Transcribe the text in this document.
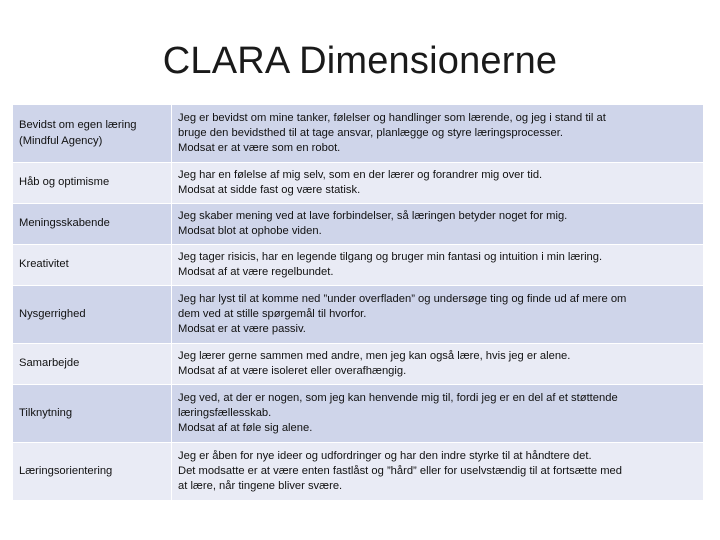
CLARA Dimensionerne
Bevidst om egen læring (Mindful Agency)	Jeg er bevidst om mine tanker, følelser og handlinger som lærende, og jeg i stand til at
bruge den bevidsthed til at tage ansvar, planlægge og styre læringsprocesser.
Modsat er at være som en robot.

Håb og optimisme	Jeg har en følelse af mig selv, som en der lærer og forandrer mig over tid.
Modsat at sidde fast og være statisk.

Meningsskabende	Jeg skaber mening ved at lave forbindelser, så læringen betyder noget for mig.
Modsat blot at ophobe viden.

Kreativitet	Jeg tager risicis, har en legende tilgang og bruger min fantasi og intuition i min læring.
Modsat af at være regelbundet.

Nysgerrighed	Jeg har lyst til at komme ned ”under overfladen” og undersøge ting og finde ud af mere om
dem ved at stille spørgemål til hvorfor.
Modsat er at være passiv.

Samarbejde	Jeg lærer gerne sammen med andre, men jeg kan også lære, hvis jeg er alene.
Modsat af at være isoleret eller overafhængig.

Tilknytning	Jeg ved, at der er nogen, som jeg kan henvende mig til, fordi jeg er en del af et støttende
læringsfællesskab.
Modsat af at føle sig alene.

Læringsorientering	Jeg er åben for nye ideer og udfordringer og har den indre styrke til at håndtere det.
Det modsatte er at være enten fastlåst og ”hård” eller for uselvstændig til at fortsætte med
at lære, når tingene bliver svære.
